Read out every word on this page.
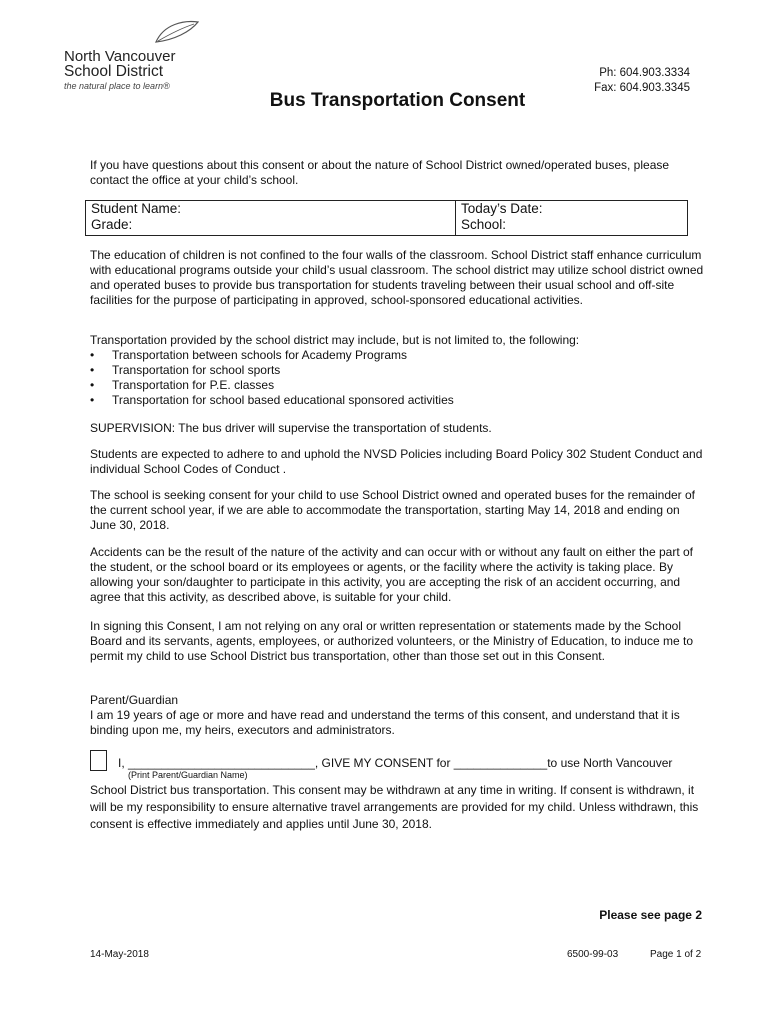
North Vancouver
School District
the natural place to learn®
Ph: 604.903.3334
Fax: 604.903.3345
Bus Transportation Consent
If you have questions about this consent or about the nature of School District owned/operated buses, please contact the office at your child’s school.
Student Name:
Grade:
Today’s Date:
School:
The education of children is not confined to the four walls of the classroom. School District staff enhance curriculum with educational programs outside your child’s usual classroom. The school district may utilize school district owned and operated buses to provide bus transportation for students traveling between their usual school and off-site facilities for the purpose of participating in approved, school-sponsored educational activities.
Transportation provided by the school district may include, but is not limited to, the following:
• Transportation between schools for Academy Programs
• Transportation for school sports
• Transportation for P.E. classes
• Transportation for school based educational sponsored activities
SUPERVISION: The bus driver will supervise the transportation of students.
Students are expected to adhere to and uphold the NVSD Policies including Board Policy 302 Student Conduct and individual School Codes of Conduct .
The school is seeking consent for your child to use School District owned and operated buses for the remainder of the current school year, if we are able to accommodate the transportation, starting May 14, 2018 and ending on June 30, 2018.
Accidents can be the result of the nature of the activity and can occur with or without any fault on either the part of the student, or the school board or its employees or agents, or the facility where the activity is taking place. By allowing your son/daughter to participate in this activity, you are accepting the risk of an accident occurring, and agree that this activity, as described above, is suitable for your child.
In signing this Consent, I am not relying on any oral or written representation or statements made by the School Board and its servants, agents, employees, or authorized volunteers, or the Ministry of Education, to induce me to permit my child to use School District bus transportation, other than those set out in this Consent.
Parent/Guardian
I am 19 years of age or more and have read and understand the terms of this consent, and understand that it is binding upon me, my heirs, executors and administrators.
I, ____________________________, GIVE MY CONSENT for ______________to use North Vancouver
(Print Parent/Guardian Name)
School District bus transportation. This consent may be withdrawn at any time in writing. If consent is withdrawn, it will be my responsibility to ensure alternative travel arrangements are provided for my child. Unless withdrawn, this consent is effective immediately and applies until June 30, 2018.
Please see page 2
14-May-2018	6500-99-03	Page 1 of 2
